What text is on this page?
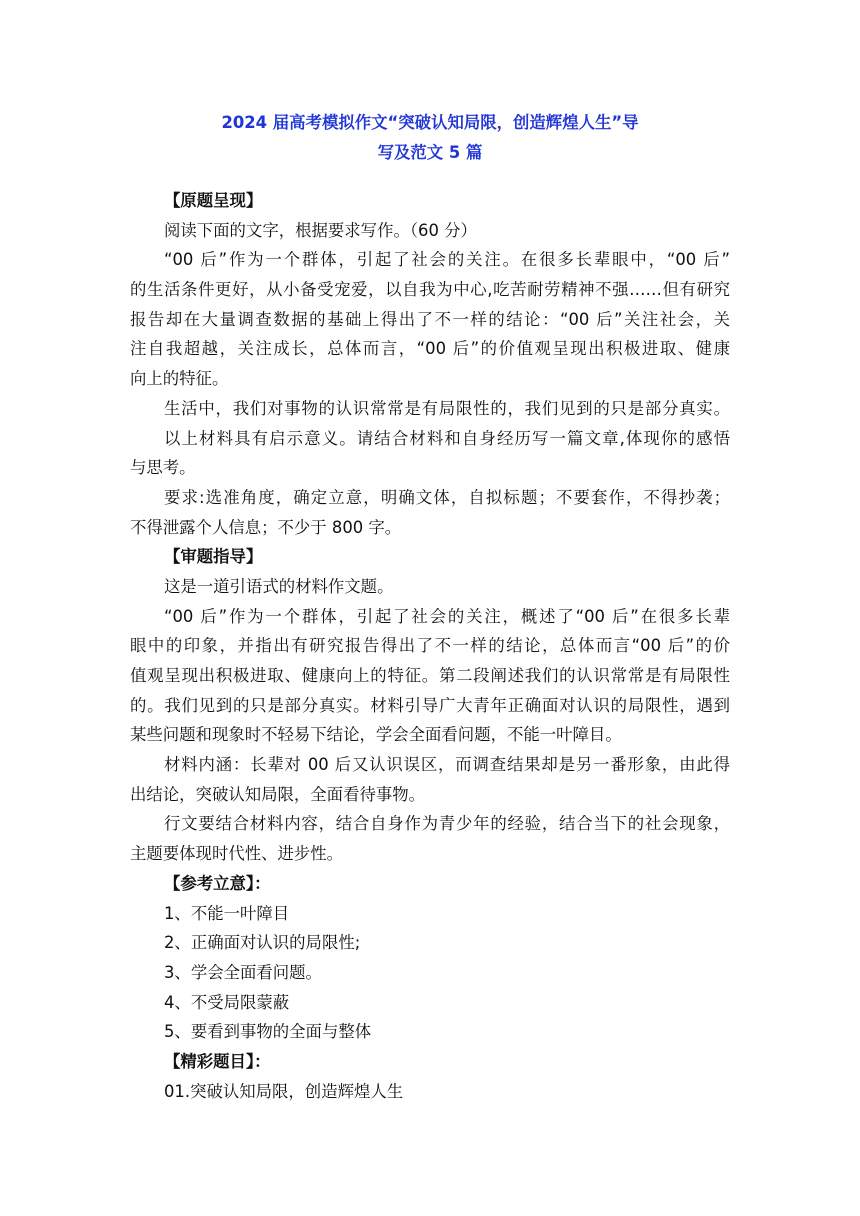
2024 届高考模拟作文“突破认知局限，创造辉煌人生”导
写及范文 5 篇
【原题呈现】
阅读下面的文字，根据要求写作。（60 分）
“00 后”作为一个群体，引起了社会的关注。在很多长辈眼中，“00 后”
的生活条件更好，从小备受宠爱，以自我为中心,吃苦耐劳精神不强……但有研究
报告却在大量调查数据的基础上得出了不一样的结论：“00 后”关注社会，关
注自我超越，关注成长，总体而言，“00 后”的价值观呈现出积极进取、健康
向上的特征。
生活中，我们对事物的认识常常是有局限性的，我们见到的只是部分真实。
以上材料具有启示意义。请结合材料和自身经历写一篇文章,体现你的感悟
与思考。
要求:选准角度，确定立意，明确文体，自拟标题；不要套作，不得抄袭；
不得泄露个人信息；不少于 800 字。
【审题指导】
这是一道引语式的材料作文题。
“00 后”作为一个群体，引起了社会的关注，概述了“00 后”在很多长辈
眼中的印象，并指出有研究报告得出了不一样的结论，总体而言“00 后”的价
值观呈现出积极进取、健康向上的特征。第二段阐述我们的认识常常是有局限性
的。我们见到的只是部分真实。材料引导广大青年正确面对认识的局限性，遇到
某些问题和现象时不轻易下结论，学会全面看问题，不能一叶障目。
材料内涵：长辈对 00 后又认识误区，而调查结果却是另一番形象，由此得
出结论，突破认知局限，全面看待事物。
行文要结合材料内容，结合自身作为青少年的经验，结合当下的社会现象，
主题要体现时代性、进步性。
【参考立意】：
1、不能一叶障目
2、正确面对认识的局限性;
3、学会全面看问题。
4、不受局限蒙蔽
5、要看到事物的全面与整体
【精彩题目】：
01.突破认知局限，创造辉煌人生
